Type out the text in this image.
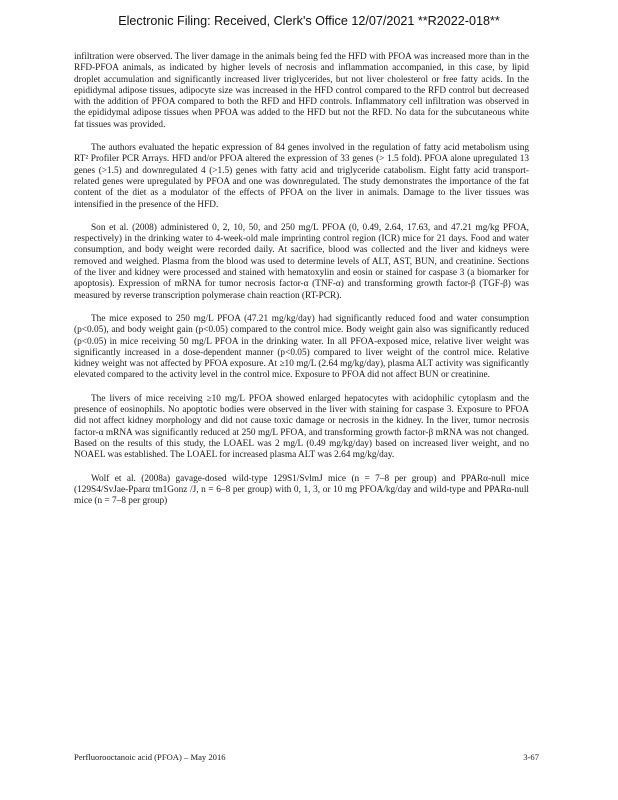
Electronic Filing: Received, Clerk's Office 12/07/2021 **R2022-018**

infiltration were observed. The liver damage in the animals being fed the HFD with PFOA was increased more than in the RFD-PFOA animals, as indicated by higher levels of necrosis and inflammation accompanied, in this case, by lipid droplet accumulation and significantly increased liver triglycerides, but not liver cholesterol or free fatty acids. In the epididymal adipose tissues, adipocyte size was increased in the HFD control compared to the RFD control but decreased with the addition of PFOA compared to both the RFD and HFD controls. Inflammatory cell infiltration was observed in the epididymal adipose tissues when PFOA was added to the HFD but not the RFD. No data for the subcutaneous white fat tissues was provided.

The authors evaluated the hepatic expression of 84 genes involved in the regulation of fatty acid metabolism using RT² Profiler PCR Arrays. HFD and/or PFOA altered the expression of 33 genes (> 1.5 fold). PFOA alone upregulated 13 genes (>1.5) and downregulated 4 (>1.5) genes with fatty acid and triglyceride catabolism. Eight fatty acid transport-related genes were upregulated by PFOA and one was downregulated. The study demonstrates the importance of the fat content of the diet as a modulator of the effects of PFOA on the liver in animals. Damage to the liver tissues was intensified in the presence of the HFD.

Son et al. (2008) administered 0, 2, 10, 50, and 250 mg/L PFOA (0, 0.49, 2.64, 17.63, and 47.21 mg/kg PFOA, respectively) in the drinking water to 4-week-old male imprinting control region (ICR) mice for 21 days. Food and water consumption, and body weight were recorded daily. At sacrifice, blood was collected and the liver and kidneys were removed and weighed. Plasma from the blood was used to determine levels of ALT, AST, BUN, and creatinine. Sections of the liver and kidney were processed and stained with hematoxylin and eosin or stained for caspase 3 (a biomarker for apoptosis). Expression of mRNA for tumor necrosis factor-α (TNF-α) and transforming growth factor-β (TGF-β) was measured by reverse transcription polymerase chain reaction (RT-PCR).

The mice exposed to 250 mg/L PFOA (47.21 mg/kg/day) had significantly reduced food and water consumption (p<0.05), and body weight gain (p<0.05) compared to the control mice. Body weight gain also was significantly reduced (p<0.05) in mice receiving 50 mg/L PFOA in the drinking water. In all PFOA-exposed mice, relative liver weight was significantly increased in a dose-dependent manner (p<0.05) compared to liver weight of the control mice. Relative kidney weight was not affected by PFOA exposure. At ≥10 mg/L (2.64 mg/kg/day), plasma ALT activity was significantly elevated compared to the activity level in the control mice. Exposure to PFOA did not affect BUN or creatinine.

The livers of mice receiving ≥10 mg/L PFOA showed enlarged hepatocytes with acidophilic cytoplasm and the presence of eosinophils. No apoptotic bodies were observed in the liver with staining for caspase 3. Exposure to PFOA did not affect kidney morphology and did not cause toxic damage or necrosis in the kidney. In the liver, tumor necrosis factor-α mRNA was significantly reduced at 250 mg/L PFOA, and transforming growth factor-β mRNA was not changed. Based on the results of this study, the LOAEL was 2 mg/L (0.49 mg/kg/day) based on increased liver weight, and no NOAEL was established. The LOAEL for increased plasma ALT was 2.64 mg/kg/day.

Wolf et al. (2008a) gavage-dosed wild-type 129S1/SvlmJ mice (n = 7–8 per group) and PPARα-null mice (129S4/SvJae-Pparα tm1Gonz /J, n = 6–8 per group) with 0, 1, 3, or 10 mg PFOA/kg/day and wild-type and PPARα-null mice (n = 7–8 per group)

Perfluorooctanoic acid (PFOA) – May 2016	3-67
